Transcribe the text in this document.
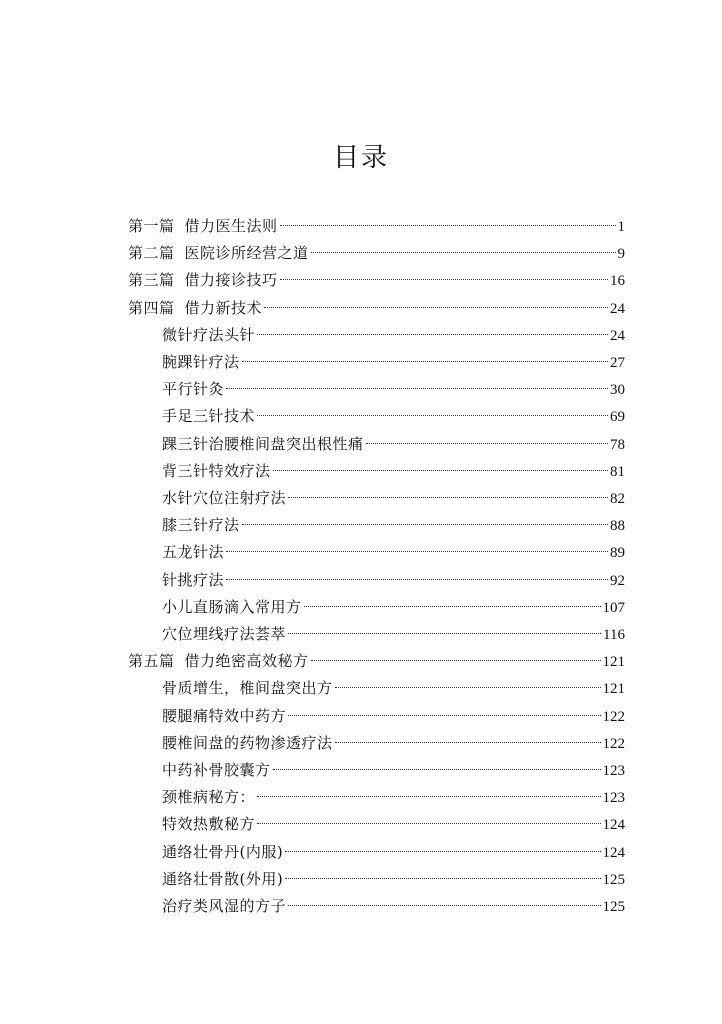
目录
第一篇 借力医生法则	1
第二篇 医院诊所经营之道	9
第三篇 借力接诊技巧	16
第四篇 借力新技术	24
微针疗法头针	24
腕踝针疗法	27
平行针灸	30
手足三针技术	69
踝三针治腰椎间盘突出根性痛	78
背三针特效疗法	81
水针穴位注射疗法	82
膝三针疗法	88
五龙针法	89
针挑疗法	92
小儿直肠滴入常用方	107
穴位埋线疗法荟萃	116
第五篇 借力绝密高效秘方	121
骨质增生，椎间盘突出方	121
腰腿痛特效中药方	122
腰椎间盘的药物渗透疗法	122
中药补骨胶囊方	123
颈椎病秘方：	123
特效热敷秘方	124
通络壮骨丹(内服)	124
通络壮骨散(外用)	125
治疗类风湿的方子	125
